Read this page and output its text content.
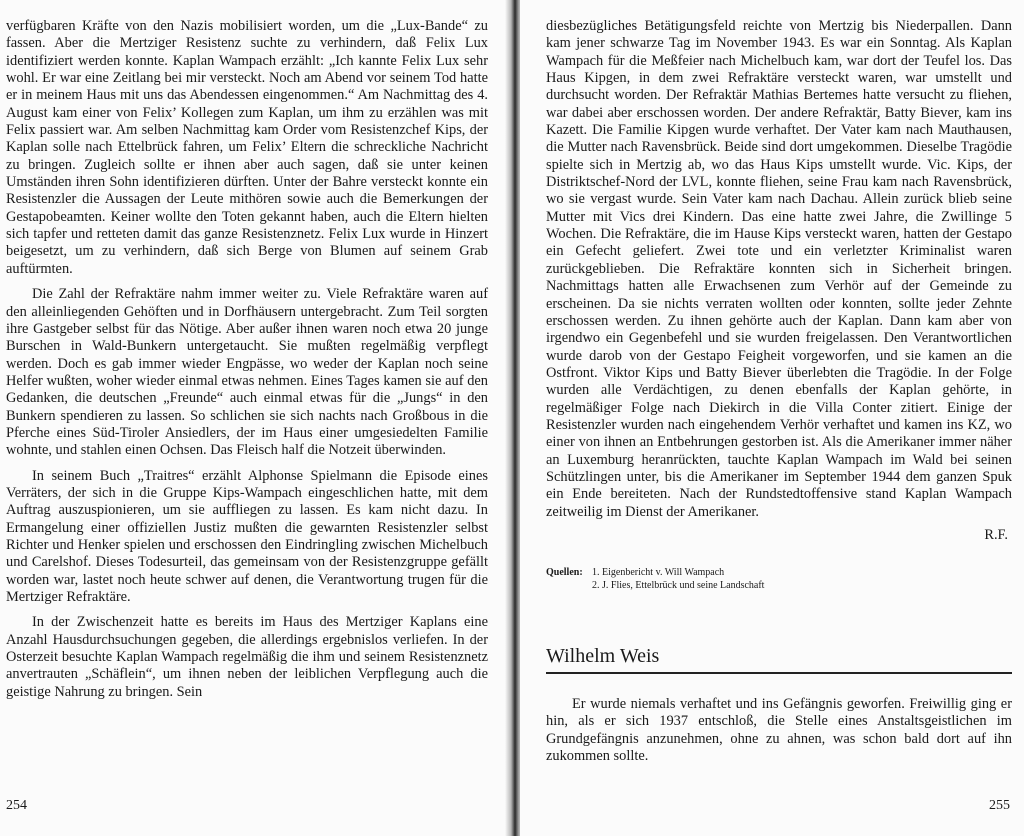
verfügbaren Kräfte von den Nazis mobilisiert worden, um die „Lux-Bande“ zu fassen. Aber die Mertziger Resistenz suchte zu verhindern, daß Felix Lux identifiziert werden konnte. Kaplan Wampach erzählt: „Ich kannte Felix Lux sehr wohl. Er war eine Zeitlang bei mir versteckt. Noch am Abend vor seinem Tod hatte er in meinem Haus mit uns das Abendessen eingenommen.“ Am Nachmittag des 4. August kam einer von Felix’ Kollegen zum Kaplan, um ihm zu erzählen was mit Felix passiert war. Am selben Nachmittag kam Order vom Resistenzchef Kips, der Kaplan solle nach Ettelbrück fahren, um Felix’ Eltern die schreckliche Nachricht zu bringen. Zugleich sollte er ihnen aber auch sagen, daß sie unter keinen Umständen ihren Sohn identifizieren dürften. Unter der Bahre versteckt konnte ein Resistenzler die Aussagen der Leute mithören sowie auch die Bemerkungen der Gestapobeamten. Keiner wollte den Toten gekannt haben, auch die Eltern hielten sich tapfer und retteten damit das ganze Resistenznetz. Felix Lux wurde in Hinzert beigesetzt, um zu verhindern, daß sich Berge von Blumen auf seinem Grab auftürmten.

Die Zahl der Refraktäre nahm immer weiter zu. Viele Refraktäre waren auf den alleinliegenden Gehöften und in Dorfhäusern untergebracht. Zum Teil sorgten ihre Gastgeber selbst für das Nötige. Aber außer ihnen waren noch etwa 20 junge Burschen in Wald-Bunkern untergetaucht. Sie mußten regelmäßig verpflegt werden. Doch es gab immer wieder Engpässe, wo weder der Kaplan noch seine Helfer wußten, woher wieder einmal etwas nehmen. Eines Tages kamen sie auf den Gedanken, die deutschen „Freunde“ auch einmal etwas für die „Jungs“ in den Bunkern spendieren zu lassen. So schlichen sie sich nachts nach Großbous in die Pferche eines Süd-Tiroler Ansiedlers, der im Haus einer umgesiedelten Familie wohnte, und stahlen einen Ochsen. Das Fleisch half die Notzeit überwinden.

In seinem Buch „Traitres“ erzählt Alphonse Spielmann die Episode eines Verräters, der sich in die Gruppe Kips-Wampach eingeschlichen hatte, mit dem Auftrag auszuspionieren, um sie auffliegen zu lassen. Es kam nicht dazu. In Ermangelung einer offiziellen Justiz mußten die gewarnten Resistenzler selbst Richter und Henker spielen und erschossen den Eindringling zwischen Michelbuch und Carelshof. Dieses Todesurteil, das gemeinsam von der Resistenzgruppe gefällt worden war, lastet noch heute schwer auf denen, die Verantwortung trugen für die Mertziger Refraktäre.

In der Zwischenzeit hatte es bereits im Haus des Mertziger Kaplans eine Anzahl Hausdurchsuchungen gegeben, die allerdings ergebnislos verliefen. In der Osterzeit besuchte Kaplan Wampach regelmäßig die ihm und seinem Resistenznetz anvertrauten „Schäflein“, um ihnen neben der leiblichen Verpflegung auch die geistige Nahrung zu bringen. Sein

254

diesbezügliches Betätigungsfeld reichte von Mertzig bis Niederpallen. Dann kam jener schwarze Tag im November 1943. Es war ein Sonntag. Als Kaplan Wampach für die Meßfeier nach Michelbuch kam, war dort der Teufel los. Das Haus Kipgen, in dem zwei Refraktäre versteckt waren, war umstellt und durchsucht worden. Der Refraktär Mathias Bertemes hatte versucht zu fliehen, war dabei aber erschossen worden. Der andere Refraktär, Batty Biever, kam ins Kazett. Die Familie Kipgen wurde verhaftet. Der Vater kam nach Mauthausen, die Mutter nach Ravensbrück. Beide sind dort umgekommen. Dieselbe Tragödie spielte sich in Mertzig ab, wo das Haus Kips umstellt wurde. Vic. Kips, der Distriktschef-Nord der LVL, konnte fliehen, seine Frau kam nach Ravensbrück, wo sie vergast wurde. Sein Vater kam nach Dachau. Allein zurück blieb seine Mutter mit Vics drei Kindern. Das eine hatte zwei Jahre, die Zwillinge 5 Wochen. Die Refraktäre, die im Hause Kips versteckt waren, hatten der Gestapo ein Gefecht geliefert. Zwei tote und ein verletzter Kriminalist waren zurückgeblieben. Die Refraktäre konnten sich in Sicherheit bringen. Nachmittags hatten alle Erwachsenen zum Verhör auf der Gemeinde zu erscheinen. Da sie nichts verraten wollten oder konnten, sollte jeder Zehnte erschossen werden. Zu ihnen gehörte auch der Kaplan. Dann kam aber von irgendwo ein Gegenbefehl und sie wurden freigelassen. Den Verantwortlichen wurde darob von der Gestapo Feigheit vorgeworfen, und sie kamen an die Ostfront. Viktor Kips und Batty Biever überlebten die Tragödie. In der Folge wurden alle Verdächtigen, zu denen ebenfalls der Kaplan gehörte, in regelmäßiger Folge nach Diekirch in die Villa Conter zitiert. Einige der Resistenzler wurden nach eingehendem Verhör verhaftet und kamen ins KZ, wo einer von ihnen an Entbehrungen gestorben ist. Als die Amerikaner immer näher an Luxemburg heranrückten, tauchte Kaplan Wampach im Wald bei seinen Schützlingen unter, bis die Amerikaner im September 1944 dem ganzen Spuk ein Ende bereiteten. Nach der Rundstedtoffensive stand Kaplan Wampach zeitweilig im Dienst der Amerikaner.

R.F.
Quellen: 1. Eigenbericht v. Will Wampach
2. J. Flies, Ettelbrück und seine Landschaft
Wilhelm Weis

Er wurde niemals verhaftet und ins Gefängnis geworfen. Freiwillig ging er hin, als er sich 1937 entschloß, die Stelle eines Anstaltsgeistlichen im Grundgefängnis anzunehmen, ohne zu ahnen, was schon bald dort auf ihn zukommen sollte.

255
